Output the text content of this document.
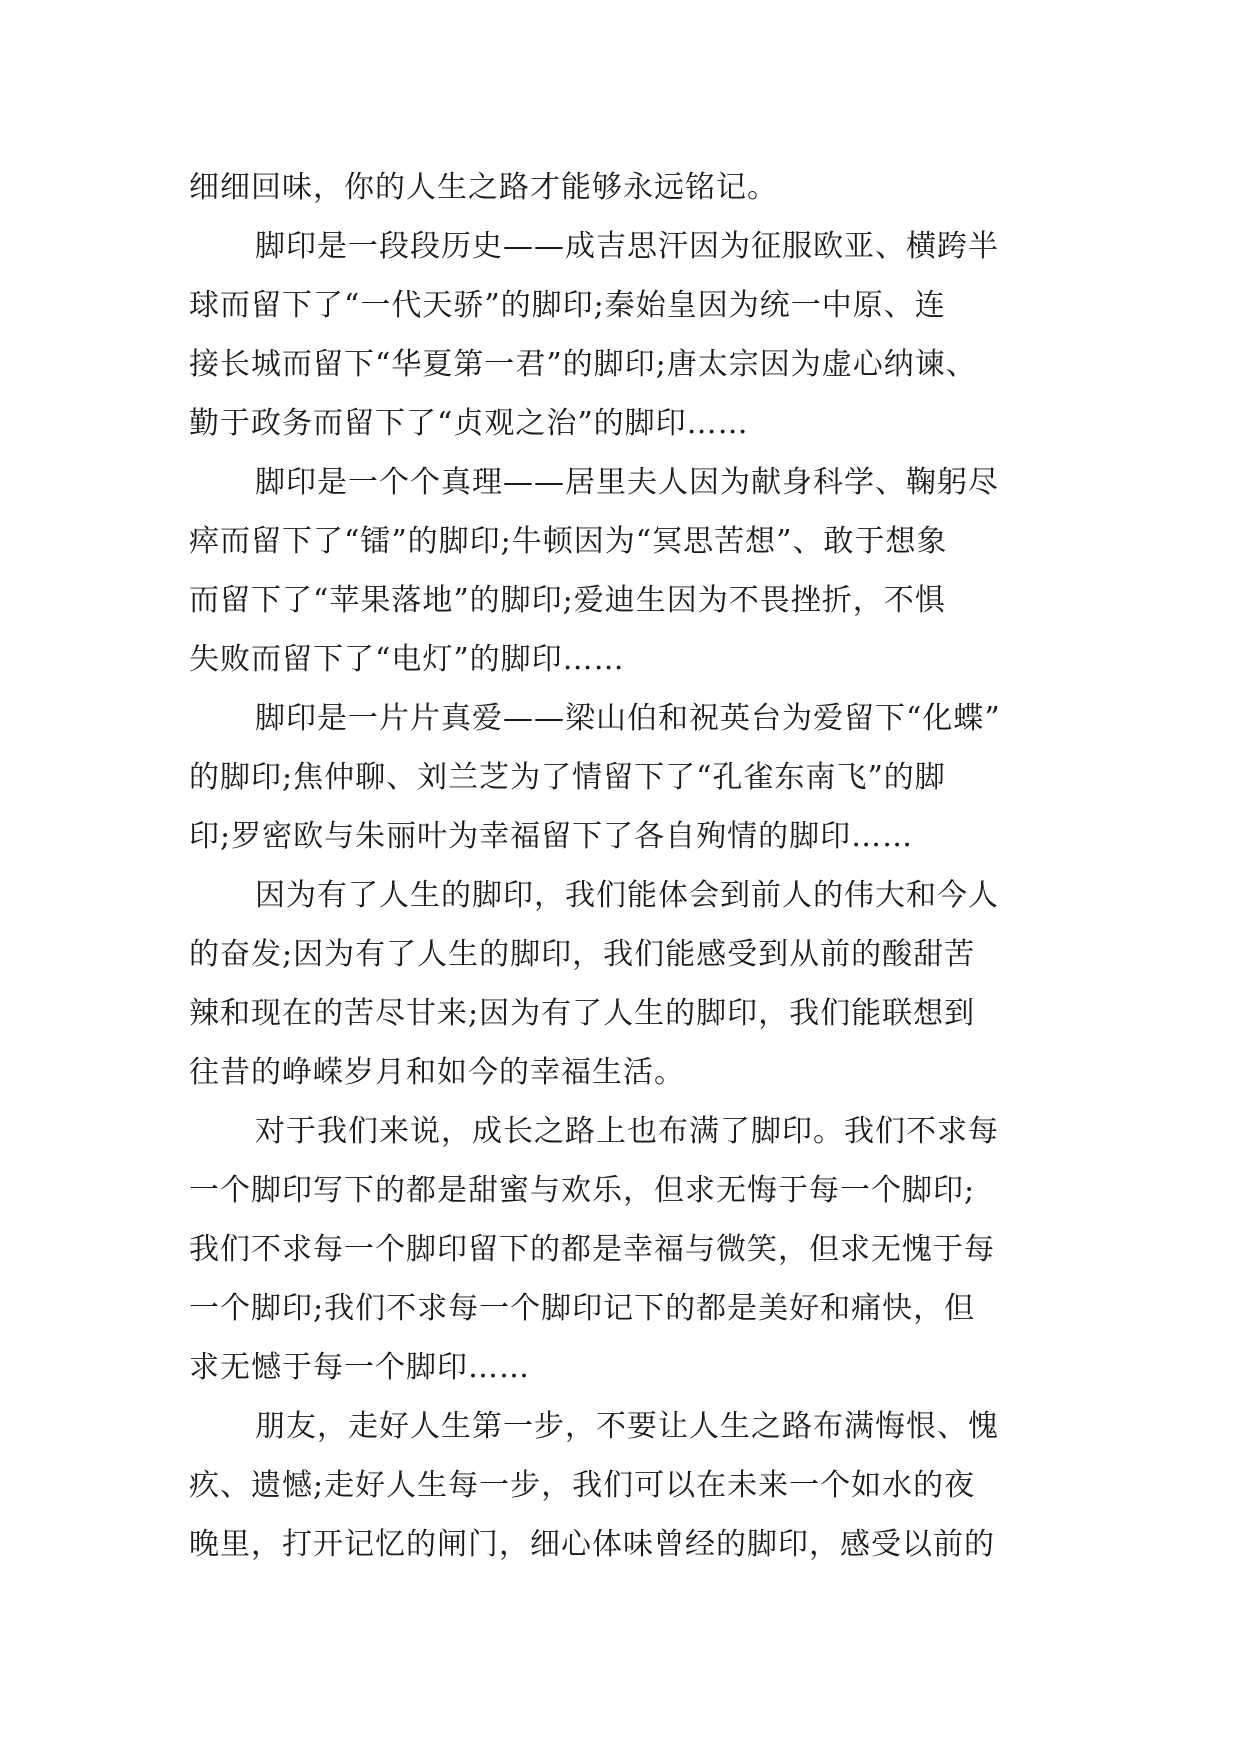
细细回味，你的人生之路才能够永远铭记。
脚印是一段段历史——成吉思汗因为征服欧亚、横跨半
球而留下了“一代天骄”的脚印;秦始皇因为统一中原、连
接长城而留下“华夏第一君”的脚印;唐太宗因为虚心纳谏、
勤于政务而留下了“贞观之治”的脚印……
脚印是一个个真理——居里夫人因为献身科学、鞠躬尽
瘁而留下了“镭”的脚印;牛顿因为“冥思苦想”、敢于想象
而留下了“苹果落地”的脚印;爱迪生因为不畏挫折，不惧
失败而留下了“电灯”的脚印……
脚印是一片片真爱——梁山伯和祝英台为爱留下“化蝶”
的脚印;焦仲聊、刘兰芝为了情留下了“孔雀东南飞”的脚
印;罗密欧与朱丽叶为幸福留下了各自殉情的脚印……
因为有了人生的脚印，我们能体会到前人的伟大和今人
的奋发;因为有了人生的脚印，我们能感受到从前的酸甜苦
辣和现在的苦尽甘来;因为有了人生的脚印，我们能联想到
往昔的峥嵘岁月和如今的幸福生活。
对于我们来说，成长之路上也布满了脚印。我们不求每
一个脚印写下的都是甜蜜与欢乐，但求无悔于每一个脚印;
我们不求每一个脚印留下的都是幸福与微笑，但求无愧于每
一个脚印;我们不求每一个脚印记下的都是美好和痛快，但
求无憾于每一个脚印……
朋友，走好人生第一步，不要让人生之路布满悔恨、愧
疚、遗憾;走好人生每一步，我们可以在未来一个如水的夜
晚里，打开记忆的闸门，细心体味曾经的脚印，感受以前的
